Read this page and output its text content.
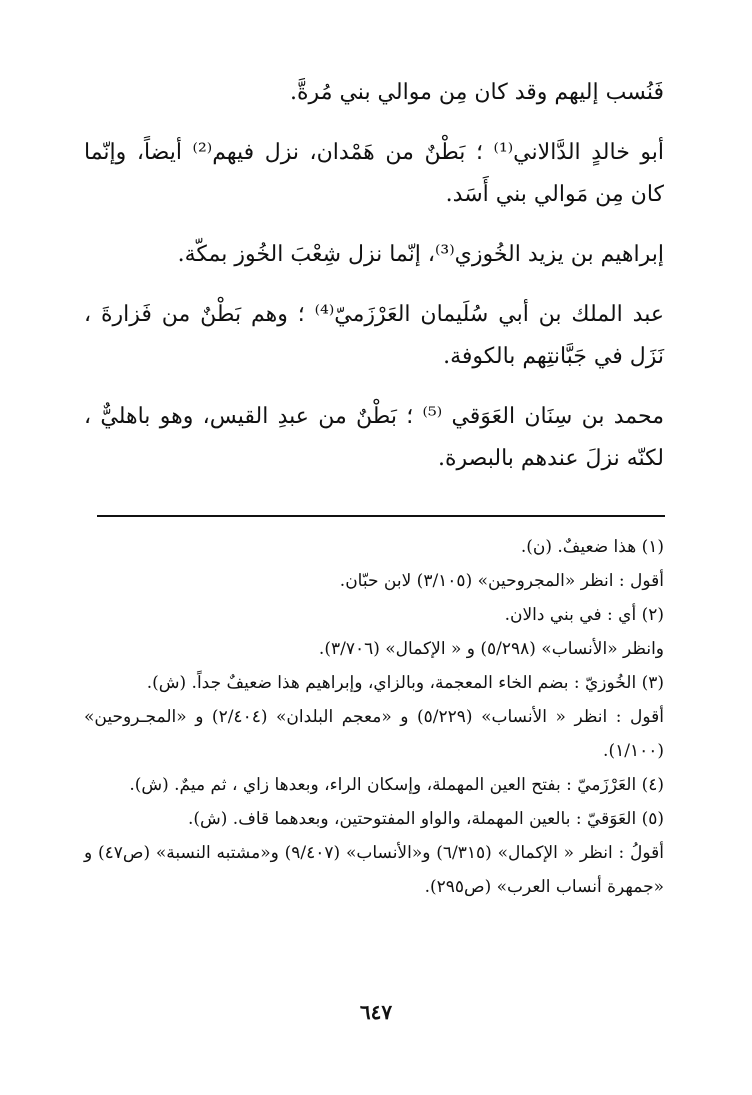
فَنُسب إليهم وقد كان مِن موالي بني مُرةَّ.

أبو خالدٍ الدَّالاني⁽¹⁾ ؛ بَطْنٌ من هَمْدان، نزل فيهم⁽²⁾ أيضاً، وإنّما كان مِن مَوالي بني أَسَد.

إبراهيم بن يزيد الخُوزي⁽³⁾، إنّما نزل شِعْبَ الخُوز بمكّة.

عبد الملك بن أبي سُلَيمان العَرْزَميّ⁽⁴⁾ ؛ وهم بَطْنٌ من فَزارةَ ، نَزَل في جَبَّانتِهم بالكوفة.

محمد بن سِنَان العَوَقي ⁽⁵⁾ ؛ بَطْنٌ من عبدِ القيس، وهو باهليٌّ ، لكنّه نزلَ عندهم بالبصرة.

(١) هذا ضعيفٌ. (ن).

أقول : انظر «المجروحين» (٣/١٠٥) لابن حبّان.

(٢) أي : في بني دالان.

وانظر «الأنساب» (٥/٢٩٨) و « الإكمال» (٣/٧٠٦).

(٣) الخُوزيّ : بضم الخاء المعجمة، وبالزاي، وإبراهيم هذا ضعيفٌ جداً. (ش).

أقول : انظر « الأنساب» (٥/٢٢٩) و «معجم البلدان» (٢/٤٠٤) و «المجـروحين» (١/١٠٠).

(٤) العَرْزَميّ : بفتح العين المهملة، وإسكان الراء، وبعدها زاي ، ثم ميمٌ. (ش).

(٥) العَوَقيّ : بالعين المهملة، والواو المفتوحتين، وبعدهما قاف. (ش).

أقولُ : انظر « الإكمال» (٦/٣١٥) و«الأنساب» (٩/٤٠٧) و«مشتبه النسبة» (ص٤٧) و «جمهرة أنساب العرب» (ص٢٩٥).

٦٤٧
